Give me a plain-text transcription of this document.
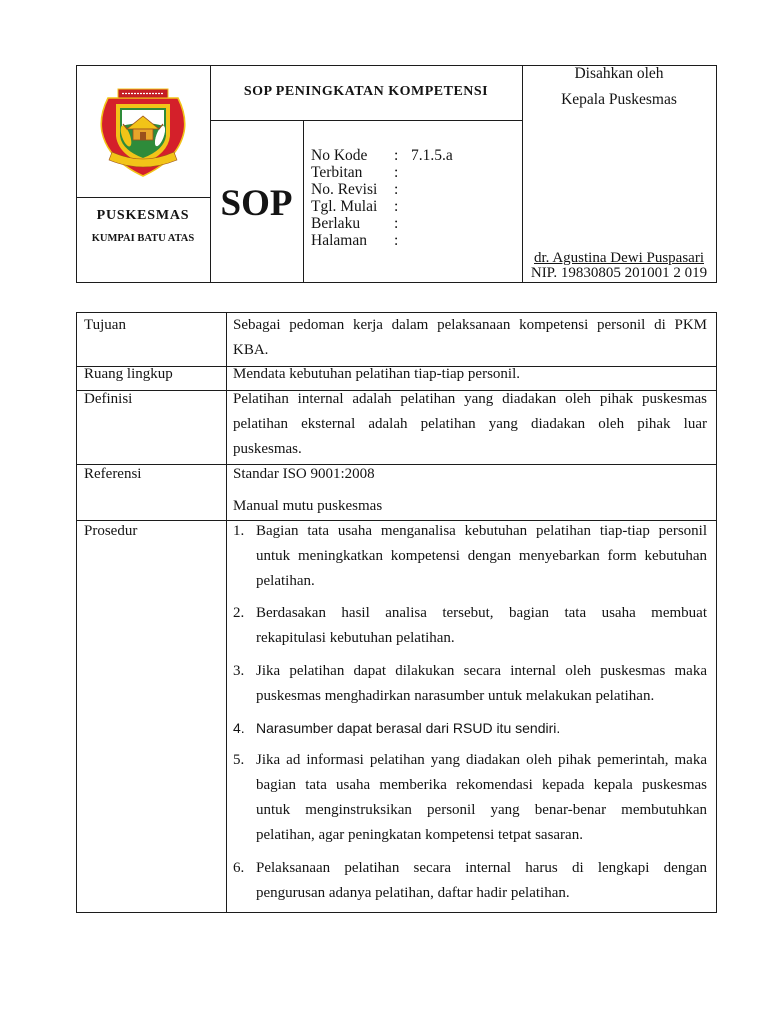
SOP PENINGKATAN KOMPETENSI
SOP
PUSKESMAS
KUMPAI BATU ATAS
No Kode : 7.1.5.a
Terbitan :
No. Revisi :
Tgl. Mulai :
Berlaku :
Halaman :
Disahkan oleh
Kepala Puskesmas
dr. Agustina Dewi Puspasari
NIP. 19830805 201001 2 019
Tujuan	Sebagai pedoman kerja dalam pelaksanaan kompetensi personil di PKM
KBA.
Ruang lingkup	Mendata kebutuhan pelatihan tiap-tiap personil.
Definisi	Pelatihan internal adalah pelatihan yang diadakan oleh pihak puskesmas
pelatihan eksternal adalah pelatihan yang diadakan oleh pihak luar
puskesmas.
Referensi	Standar ISO 9001:2008
Manual mutu puskesmas
Prosedur	1. Bagian tata usaha menganalisa kebutuhan pelatihan tiap-tiap personil
untuk meningkatkan kompetensi dengan menyebarkan form kebutuhan
pelatihan.
2. Berdasakan hasil analisa tersebut, bagian tata usaha membuat
rekapitulasi kebutuhan pelatihan.
3. Jika pelatihan dapat dilakukan secara internal oleh puskesmas maka
puskesmas menghadirkan narasumber untuk melakukan pelatihan.
4. Narasumber dapat berasal dari RSUD itu sendiri.
5. Jika ad informasi pelatihan yang diadakan oleh pihak pemerintah, maka
bagian tata usaha memberika rekomendasi kepada kepala puskesmas
untuk menginstruksikan personil yang benar-benar membutuhkan
pelatihan, agar peningkatan kompetensi tetpat sasaran.
6. Pelaksanaan pelatihan secara internal harus di lengkapi dengan
pengurusan adanya pelatihan, daftar hadir pelatihan.
